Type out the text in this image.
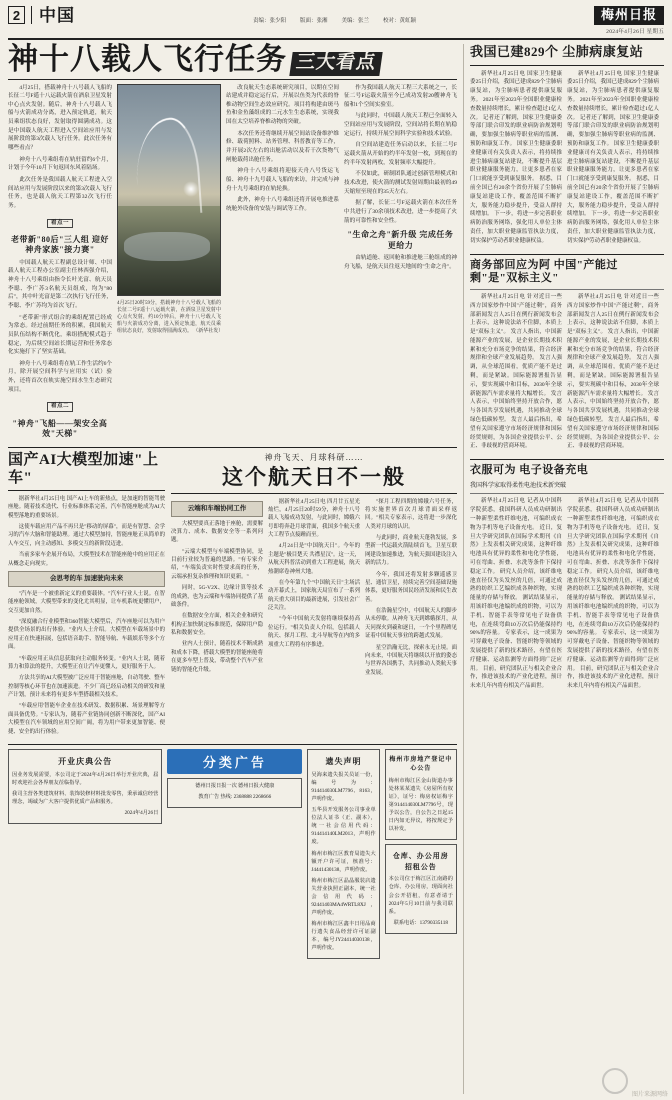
2 中国	责编：张少阳	版面：张湘	美编：张兰	校对：黄虹颖	梅州日报
2024年4月26日 星期五
神十八载人飞行任务 三大看点

4月25日，搭载神舟十八号载人飞船的长征二号F遥十八运载火箭在酒泉卫星发射中心点火发射。随后，神舟十八号载人飞船与火箭成功分离，进入预定轨道，航天员乘组状态良好，发射取得圆满成功。这是中国载人航天工程进入空间站应用与发展阶段的第3次载人飞行任务。此次任务有哪些看点？

神舟十八号乘组将在轨驻留约6个月，计划于今年10月下旬返回东风着陆场。

此次任务是我国载人航天工程进入空间站应用与发展阶段以来的第3次载人飞行任务，也是载人航天工程第32次飞行任务。

看点一
老带新"80后"三人组 迎好神舟家族"接力赛"

中国载人航天工程副总设计师、中国载人航天工程办公室副主任林西强介绍，神舟十八号乘组由指令长叶光富、航天员李聪、李广苏3名航天员组成，均为"80后"，其中叶光富是第二次执行飞行任务，李聪、李广苏均为首次飞行。

"老带新"形式组合的乘组配置已经成为常态。经过前期任务的积累，我国航天员队伍结构不断优化，乘组搭配模式趋于稳定，为后续空间站长期运营和任务常态化实施打下了坚实基础。

神舟十八号乘组将在轨工作生活约6个月，除开展空间科学与应用实（试）验外，还将首次在轨实施空间水生生态研究项目。

看点二
"神舟"飞船——架安全高效"天梯"
4月25日20时59分，搭载神舟十八号载人飞船的长征二号F遥十八运载火箭，在酒泉卫星发射中心点火发射，约10分钟后，神舟十八号载人飞船与火箭成功分离，进入预定轨道，航天员乘组状态良好，发射取得圆满成功。 （新华社发）

改良航天生态系统研究项目，以期在空间站建成并稳定运行后，开展以鱼类为代表的脊椎动物空间生态效应研究。项目将构建由斑马鱼和金鱼藻组成的二元水生生态系统，实现我国在太空培养脊椎动物的突破。

本次任务还将继续开展空间站设备维护维修、载荷照料、站务管理、科普教育等工作，并开展2次左右的出舱活动以及若干次货物气闸舱载荷出舱任务。

神舟十八号乘组将迎接天舟八号货运飞船、神舟十九号载人飞船的来访，并完成与神舟十九号乘组的在轨轮换。

此外，神舟十八号乘组还将开展电推进系统舱外设备的安装与调试等工作。

作为我国载人航天工程三大系统之一，长征二号F运载火箭至今已成功发射20艘神舟飞船和1个空间实验室。

与此同时，中国载人航天工程已全面转入空间站应用与发展阶段，空间站将长期在轨稳定运行，持续开展空间科学实验和技术试验。

自空间站建造任务启动以来，长征二号F运载火箭从开始的约半年发射一枚，到现在的约半年发射两枚，发射频率大幅提升。

不仅如此，研制团队通过创新管理模式和技术改进，使火箭的测试发射周期由最初的49天缩短至现在的35天左右。

据了解，长征二号F运载火箭在本次任务中共进行了30余项技术改进，进一步提高了火箭的可靠性和安全性。

"生命之舟"新升级 完成任务更给力

由轨道舱、返回舱和推进舱三舱组成的神舟飞船，是航天员往返天地间的"生命之舟"。

国产AI大模型加速"上车"

据新华社4月25日电 国产AI上车的新热点，是加速的智能驾驶座舱。随着技术迭代、行业标准体系完善，汽车智能座舱成为AI大模型落地的重要场景。

这使车载应用产品不再只是"移动的屏幕"，而是有智慧、会学习的汽车大脑和智能助理。通过大模型加持，智能座舱正从简单的人车交互，向主动感知、多模交互的新阶段迈进。

当前多家车企展开布局，大模型技术在智能座舱中的应用正在从概念走向现实。

会思考的车 加速驶向未来

"汽车是一个被重新定义的重要载体。"汽车行业人士说。在智能座舱领域，大模型带来的变化尤其明显，让车机系统更懂用户，交互更加自然。

"深度融合行业模型和360智能大模型后，汽车座舱可以为用户提供全场景的出行体验。"业内人士介绍。大模型在车载场景中的应用正在快速拓展，包括语音助手、智能导航、车载娱乐等多个方面。

"车载应用正从信息获取向主动服务转变。"业内人士说，随着算力和算法的提升，大模型正在让汽车更懂人，更好服务于人。

方法共享的AI大模型被广泛应用于智能座舱，自动驾驶、整车控制等核心环节也在加速演进。不少厂商已经启动相关的研发和量产计划，预计未来将有更多车型搭载相关技术。

"车载应用'智能车企业在技术研发、数据积累、场景理解等方面具备优势。"专家认为，随着产业链协同创新不断深化，国产AI大模型在汽车领域的应用空间广阔，将为用户带来更加智能、便捷、安全的出行体验。

神舟飞天、月球科研……
这个航天日不一般
云端和车端协同工作

大模型要真正落地于座舱，需要解决算力、成本、数据安全等一系列问题。

"云端大模型与车端模型协同，是目前行业较为普遍的思路。"有专家介绍，"车端负责实时性要求高的任务，云端承担复杂推理和知识更新。"

同时，5G-V2X、边缘计算等技术的成熟，也为云端和车端协同提供了基础条件。

在数据安全方面，相关企业和研究机构正加快制定标准规范，保障用户隐私和数据安全。

业内人士预计，随着技术不断成熟和成本下降，搭载大模型的智能座舱将在更多车型上普及，带动整个汽车产业链的智能化升级。

据新华社4月25日电 四月廿五星光灿烂，4月25日20时59分，神舟十八号载人飞船成功发射，与此同时，嫦娥六号即将奔赴月球背面，我国多个航天重大工程节点接踵而至。

4月24日是"中国航天日"。今年的主题是"极目楚天 共襟星汉"。这一天，从航天科普活动到重大工程进展，航天热潮席卷神州大地。

在今年第九个"中国航天日"主场活动开幕式上，国家航天局宣布了一系列航天重大项目的最新进展，引发社会广泛关注。

"今年中国航天发射将继续保持高位运行。"相关负责人介绍，包括载人航天、探月工程、北斗导航等在内的多项重大工程将有序推进。

"探月工程四期的嫦娥六号任务，将实施世界首次月球背面采样返回。"相关专家表示，这将进一步深化人类对月球的认识。

与此同时，商业航天蓬勃发展，多型新一代运载火箭陆续首飞，卫星互联网建设加速推进，为航天强国建设注入新的活力。

今年，我国还将发射多颗遥感卫星、通信卫星，持续完善空间基础设施体系，更好服务国民经济发展和民生改善。

在浩瀚星空中，中国航天人的脚步从未停歇。从神舟飞天到嫦娥探月，从天问探火到羲和逐日，一个个里程碑见证着中国航天事业的跨越式发展。

星空浩瀚无比，探索永无止境。面向未来，中国航天将继续以开放的姿态与世界各国携手，共同推动人类航天事业发展。

开业庆典公告

因业务发展需要，本公司定于2024年4月26日举行开业庆典，届时欢迎社会各界朋友莅临指导。

我司主营各类建筑材料、装饰装修材料批发零售，秉承诚信经营理念，竭诚为广大客户提供优质产品和服务。

2024年4月26日

分类广告

德州日报日报一次 德州日报大健康

教育广告 热线: 2368888 2268666

遗失声明

吴海来遗失报关员证一份，编号为：914414030LM7796、8163，声明作废。

五华县开发服务公司事业单位法人证书（正、副本），统一社会信用代码：914414140LM2013，声明作废。

梅州市梅江区教育局遗失大额开户许可证，核准号：J4441430138，声明作废。

梅州市梅江区晶晶服装店遗失营业执照正副本，统一社会信用代码：92441403MA4WRTL8XJ，声明作废。

梅州市梅江区鑫丰日用品商行遗失食品经营许可证副本，编号JY24414030138，声明作废。

梅州市房地产登记中心公告

梅州市梅江区金山街道办事处林某某遗失《房屋所有权证》，证号：梅房权证梅字第914414030LM7796号，现予以公告，自公告之日起15日内如无异议，将按规定予以补发。

仓库、办公用房 招租公告

本公司位于梅江区江南路的仓库、办公用房，现面向社会公开招租，有意者请于2024年5月10日前与我司联系。

联系电话：13790335118

我国已建829个 尘肺病康复站

新华社4月25日电 国家卫生健康委25日介绍，我国已建成829个尘肺病康复站，为尘肺病患者提供康复服务。 2021年至2023年全国职业健康检查数量持续增长，累计检查超过1亿人次。 记者还了解到，国家卫生健康委等部门联合印发的职业病防治规划明确，要加强尘肺病等职业病的监测、预防和康复工作。 国家卫生健康委职业健康司有关负责人表示，将持续推进尘肺病康复站建设，不断提升基层职业健康服务能力，让更多患者在家门口就能享受到康复服务。 据悉，目前全国已有20余个省份开展了尘肺病康复站建设工作，覆盖范围不断扩大，服务能力稳步提升，受益人群持续增加。 下一步，将进一步完善职业病防治服务网络，强化用人单位主体责任，加大职业健康监管执法力度，切实保护劳动者职业健康权益。

新华社4月25日电 国家卫生健康委25日介绍，我国已建成829个尘肺病康复站，为尘肺病患者提供康复服务。 2021年至2023年全国职业健康检查数量持续增长，累计检查超过1亿人次。 记者还了解到，国家卫生健康委等部门联合印发的职业病防治规划明确，要加强尘肺病等职业病的监测、预防和康复工作。 国家卫生健康委职业健康司有关负责人表示，将持续推进尘肺病康复站建设，不断提升基层职业健康服务能力，让更多患者在家门口就能享受到康复服务。 据悉，目前全国已有20余个省份开展了尘肺病康复站建设工作，覆盖范围不断扩大，服务能力稳步提升，受益人群持续增加。 下一步，将进一步完善职业病防治服务网络，强化用人单位主体责任，加大职业健康监管执法力度，切实保护劳动者职业健康权益。

商务部回应为阿 中国"产能过剩"是"双标主义"

新华社4月25日电 针对近日一些西方国家炒作中国"产能过剩"，商务部新闻发言人25日在例行新闻发布会上表示，这种说法站不住脚，本质上是"双标主义"。 发言人指出，中国新能源产业的发展，是企业长期技术积累和充分市场竞争的结果，符合经济规律和全球产业发展趋势。 发言人强调，从全球范围看，优质产能不是过剩，而是紧缺。国际能源署报告显示，要实现碳中和目标，2030年全球新能源汽车需求量将大幅增长。 发言人表示，中国始终坚持开放合作，愿与各国共享发展机遇，共同推动全球绿色低碳转型。 发言人最后指出，希望有关国家遵守市场经济规律和国际经贸规则，为各国企业提供公平、公正、非歧视的营商环境。

新华社4月25日电 针对近日一些西方国家炒作中国"产能过剩"，商务部新闻发言人25日在例行新闻发布会上表示，这种说法站不住脚，本质上是"双标主义"。 发言人指出，中国新能源产业的发展，是企业长期技术积累和充分市场竞争的结果，符合经济规律和全球产业发展趋势。 发言人强调，从全球范围看，优质产能不是过剩，而是紧缺。国际能源署报告显示，要实现碳中和目标，2030年全球新能源汽车需求量将大幅增长。 发言人表示，中国始终坚持开放合作，愿与各国共享发展机遇，共同推动全球绿色低碳转型。 发言人最后指出，希望有关国家遵守市场经济规律和国际经贸规则，为各国企业提供公平、公正、非歧视的营商环境。

衣服可为 电子设备充电
我国科学家取得柔性电池技术新突破

新华社4月25日电 记者从中国科学院获悉，我国科研人员成功研制出一种新型柔性纤维电池，可编织成衣物为手机等电子设备充电。 近日，复旦大学研究团队在国际学术期刊《自然》上发表相关研究成果，这种纤维电池具有优异的柔性和电化学性能，可在弯曲、折叠、水洗等条件下保持稳定工作。 研究人员介绍，该纤维电池直径仅为头发丝的几倍，可通过成熟的纺织工艺编织成各种织物，实现能量的存储与释放。 测试结果显示，用该纤维电池编织成的织物，可以为手机、智能手表等常见电子设备供电，在连续弯曲10万次后仍能保持约90%的容量。 专家表示，这一成果为可穿戴电子设备、智能织物等领域的发展提供了新的技术路径，有望在医疗健康、运动监测等方面得到广泛应用。 目前，研究团队正与相关企业合作，推进该技术的产业化进程，预计未来几年内将有相关产品面世。

新华社4月25日电 记者从中国科学院获悉，我国科研人员成功研制出一种新型柔性纤维电池，可编织成衣物为手机等电子设备充电。 近日，复旦大学研究团队在国际学术期刊《自然》上发表相关研究成果，这种纤维电池具有优异的柔性和电化学性能，可在弯曲、折叠、水洗等条件下保持稳定工作。 研究人员介绍，该纤维电池直径仅为头发丝的几倍，可通过成熟的纺织工艺编织成各种织物，实现能量的存储与释放。 测试结果显示，用该纤维电池编织成的织物，可以为手机、智能手表等常见电子设备供电，在连续弯曲10万次后仍能保持约90%的容量。 专家表示，这一成果为可穿戴电子设备、智能织物等领域的发展提供了新的技术路径，有望在医疗健康、运动监测等方面得到广泛应用。 目前，研究团队正与相关企业合作，推进该技术的产业化进程，预计未来几年内将有相关产品面世。

图片来源网络
